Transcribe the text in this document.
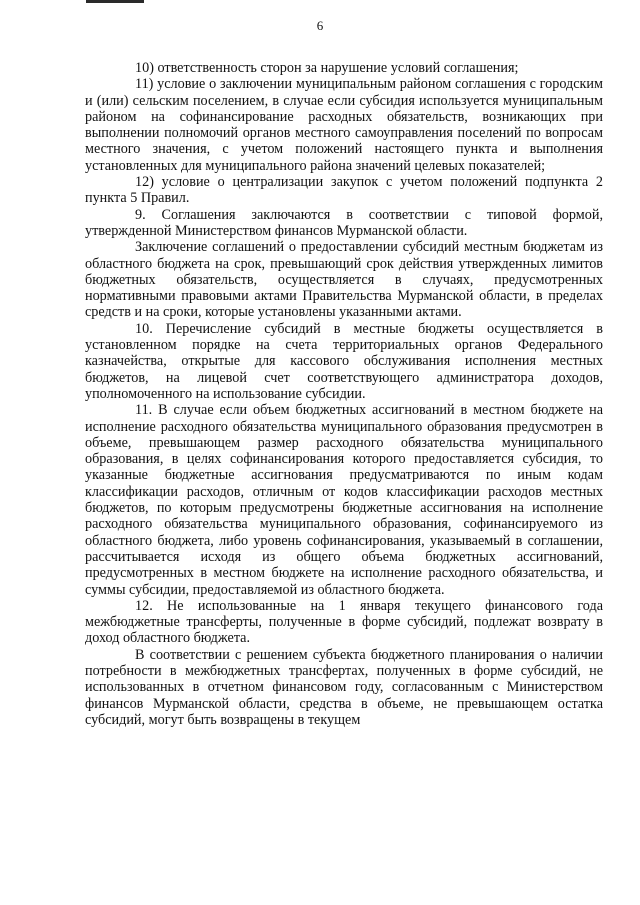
6

10) ответственность сторон за нарушение условий соглашения;

11) условие о заключении муниципальным районом соглашения с городским и (или) сельским поселением, в случае если субсидия используется муниципальным районом на софинансирование расходных обязательств, возникающих при выполнении полномочий органов местного самоуправления поселений по вопросам местного значения, с учетом положений настоящего пункта и выполнения установленных для муниципального района значений целевых показателей;

12) условие о централизации закупок с учетом положений подпункта 2 пункта 5 Правил.

9. Соглашения заключаются в соответствии с типовой формой, утвержденной Министерством финансов Мурманской области.

Заключение соглашений о предоставлении субсидий местным бюджетам из областного бюджета на срок, превышающий срок действия утвержденных лимитов бюджетных обязательств, осуществляется в случаях, предусмотренных нормативными правовыми актами Правительства Мурманской области, в пределах средств и на сроки, которые установлены указанными актами.

10. Перечисление субсидий в местные бюджеты осуществляется в установленном порядке на счета территориальных органов Федерального казначейства, открытые для кассового обслуживания исполнения местных бюджетов, на лицевой счет соответствующего администратора доходов, уполномоченного на использование субсидии.

11. В случае если объем бюджетных ассигнований в местном бюджете на исполнение расходного обязательства муниципального образования предусмотрен в объеме, превышающем размер расходного обязательства муниципального образования, в целях софинансирования которого предоставляется субсидия, то указанные бюджетные ассигнования предусматриваются по иным кодам классификации расходов, отличным от кодов классификации расходов местных бюджетов, по которым предусмотрены бюджетные ассигнования на исполнение расходного обязательства муниципального образования, софинансируемого из областного бюджета, либо уровень софинансирования, указываемый в соглашении, рассчитывается исходя из общего объема бюджетных ассигнований, предусмотренных в местном бюджете на исполнение расходного обязательства, и суммы субсидии, предоставляемой из областного бюджета.

12. Не использованные на 1 января текущего финансового года межбюджетные трансферты, полученные в форме субсидий, подлежат возврату в доход областного бюджета.

В соответствии с решением субъекта бюджетного планирования о наличии потребности в межбюджетных трансфертах, полученных в форме субсидий, не использованных в отчетном финансовом году, согласованным с Министерством финансов Мурманской области, средства в объеме, не превышающем остатка субсидий, могут быть возвращены в текущем
